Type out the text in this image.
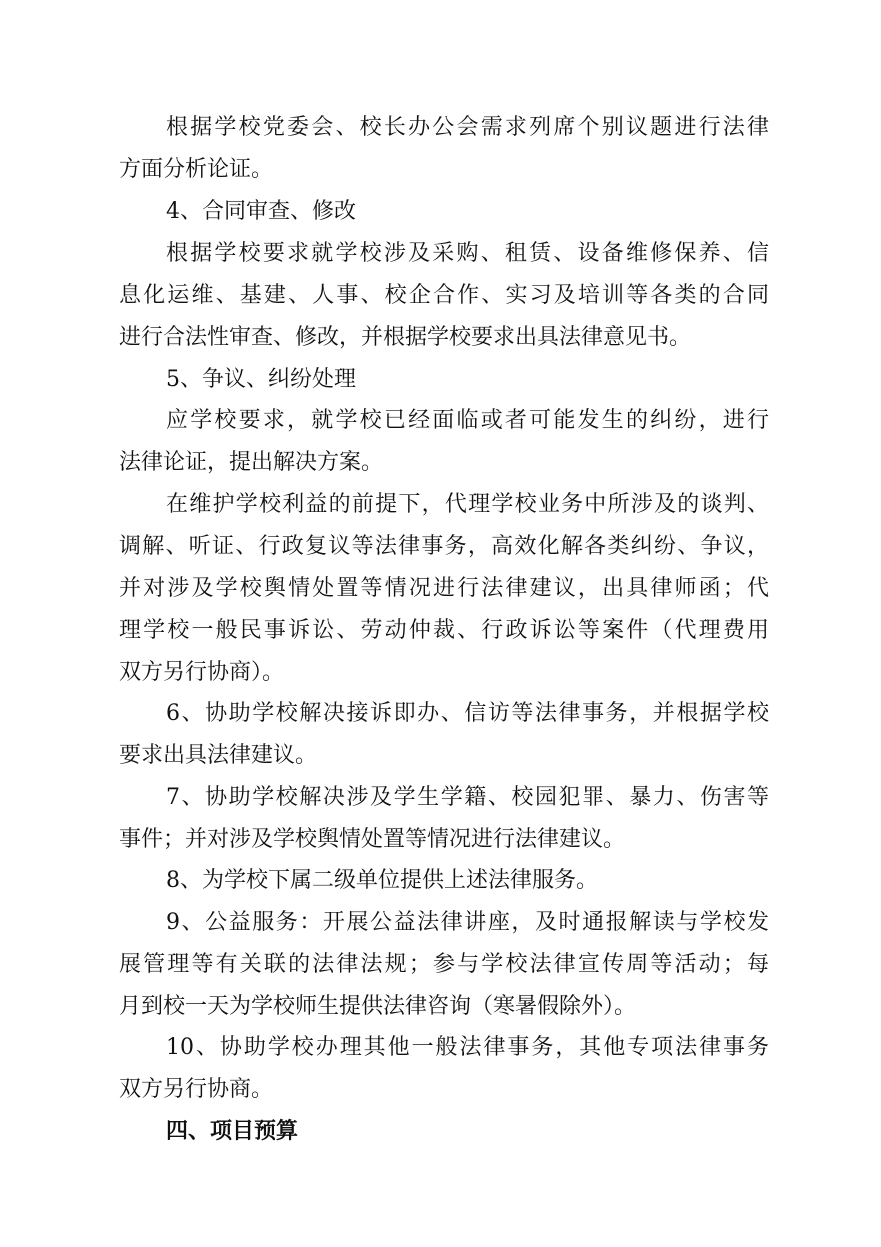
根据学校党委会、校长办公会需求列席个别议题进行法律
方面分析论证。
4、合同审查、修改
根据学校要求就学校涉及采购、租赁、设备维修保养、信
息化运维、基建、人事、校企合作、实习及培训等各类的合同
进行合法性审查、修改，并根据学校要求出具法律意见书。
5、争议、纠纷处理
应学校要求，就学校已经面临或者可能发生的纠纷，进行
法律论证，提出解决方案。
在维护学校利益的前提下，代理学校业务中所涉及的谈判、
调解、听证、行政复议等法律事务，高效化解各类纠纷、争议，
并对涉及学校舆情处置等情况进行法律建议，出具律师函；代
理学校一般民事诉讼、劳动仲裁、行政诉讼等案件（代理费用
双方另行协商）。
6、协助学校解决接诉即办、信访等法律事务，并根据学校
要求出具法律建议。
7、协助学校解决涉及学生学籍、校园犯罪、暴力、伤害等
事件；并对涉及学校舆情处置等情况进行法律建议。
8、为学校下属二级单位提供上述法律服务。
9、公益服务：开展公益法律讲座，及时通报解读与学校发
展管理等有关联的法律法规；参与学校法律宣传周等活动；每
月到校一天为学校师生提供法律咨询（寒暑假除外）。
10、协助学校办理其他一般法律事务，其他专项法律事务
双方另行协商。
四、项目预算
